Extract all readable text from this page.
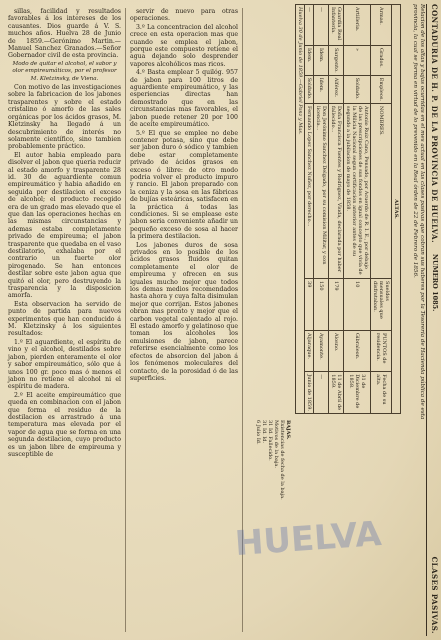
sillas, facilidad y resultados favorables á los intereses de los causantes. Dios guarde á V. S. muchos años. Huelva 28 de Junio de 1859.—Gerónimo Martin.—Manuel Sanchez Granados.—Señor Gobernador civil de esta provincia.

Modo de quitar el alcohol, el sabor y olor empireumáticos, por el profesor M. Kletzinsky, de Viena.

Con motivo de las investigaciones sobre la fabricacion de los jabones trasparentes y sobre el estado cristalino ó amorfo de las sales orgánicas por los ácidos grasos, M. Kletzinsky ha llegado á un descubrimiento de interés no solamente científico, sino tambien probablemente práctico.

El autor habia empleado para disolver el jabon que queria reducir al estado amorfo y trasparente 28 id. 30 de aguardiente comun empireumático y habia añadido en seguida por destilacion el exceso de alcohol; el producto recogido era de un grado mas elevado que el que dan las operaciones hechas en las mismas circunstancias y ademas estaba completamente privado de empireuma; el jabon trasparente que quedaba en el vaso destilatorio, exhalaba por el contrario un fuerte olor pirogenado. Se han entonces destilar sobre este jabon agua que quitó el olor, pero destruyendo la trasparencia y la disposicion amorfa.

Esta observacion ha servido de punto de partida para nuevos experimentos que han conducido á M. Kletzinsky á los siguientes resultados:

1.º El aguardiente, el espíritu de vino y el alcohol, destilados sobre jabon, pierden enteramente el olor y sabor empireumático, sólo que á unos 100 gr. poco mas ó menos el jabon no retiene el alcohol ni el espíritu de madera.

2.º El aceite empireumático que queda en combinacion con el jabon que forma el residuo de la destilacion es arrastrado á una temperatura mas elevada por el vapor de agua que se forma en una segunda destilacion, cuyo producto es un jabon libre de empireuma y susceptible de

servir de nuevo para otras operaciones.

3.º La concentracion del alcohol crece en esta operacion mas que cuando se emplea el jabon, porque este compuesto retiene el agua dejando solo desprender vapores alcohólicos mas ricos.

4.º Basta emplear 5 quilóg. 957 de jabon para 100 litros de aguardiente empireumático, y las esperiencias directas han demostrado que en las circunstancias mas favorables, el jabon puede retener 20 por 100 de aceite empireumático.

5.º El que se emplee no debe contener potasa, sino que debe ser jabon duro ó sódico y tambien debe estar completamente privado de ácidos grasos en exceso ó libre: de otro modo podria volver el producto impuro y rancio. El jabon preparado con la ceniza y la sosa en las fábricas de bujías esteáricas, satisfacen en la práctica á todas las condiciones. Si se emplease este jabon seria conveniente añadir un pequeño exceso de sosa al hacer la primera destilacion.

Los jabones duros de sosa privados en lo posible de los ácidos grasos fluidos quitan completamente el olor de empireuma y ofrecen en sus iguales mucho mejor que todos los demas medios recomendados hasta ahora y cuya falta disimulan mejor que corrijan. Estos jabones obran mas pronto y mejor que el carbon vegetal calentado al rojo. El estado amorfo y gelatinoso que toman los alcoholes los emulsiones de jabon, parece referirse esencialmente como los efectos de absorcion del jabon á los fenómenos moleculares del contacto, de la porosidad ó de las superficies.

CONTADURIA DE H. P. DE LA PROVINCIA DE HUELVA.
NUMERO 1085.
CLASES PASIVAS.
Relacion de los altas y bajas ocurridas en el mes actual en las clases pasivas que cobran sus haberes por la Tesoreria de Hacienda pública de esta provincia, la cual se forma en virtud de lo prevenido en la Real órden de 22 de Febrero de 1856.
ALTAS.						
Armas.	Grados.	Empleos.	NOMBRES.	Sueldos mensuales que disfrutaban.	PUNTOS de residencia.	Fecha de su alta.
Artilleria.	»	Soldado.	Antonio Ruiz Cano, Pensado, por Acuerdo de R. I. E., por debajo de las prescripciones de sus fondos en igual concepto que vivía de la Milicia Nacional segun certificacion anterior antes de su segundo a la jubilacion de mayo de 1858.	10	Gibraleon.	31 de Diciembre de 1858.
Guardia Real Infantería.	Sargento.	Alférez.	Doña Francisca Fuentes y Rodriguez, Viuda, declarada por haber fallecido...	179	Alosno.	11 de Abril de 1859.
—	Idem.	Idem.	Don Jerónimo Sanchez Delgado, por su comision Militar, y con licencia...	150	Ayamonte.	—
—	Idem.	Soldado.	Fernando Lopez Sanchez Nuñez, por derecho...	39	Aljaraque.	Junio de 1859.
Huelva 30 de Junio de 1859.—Gabriel Ponz y Mas.						
BAJAS.
Existencias de fecha de la baja.
Motivos de la baja.
31 Id. Fallecido.
31 Id. Id.
6 Julio Id.
HUELVA
